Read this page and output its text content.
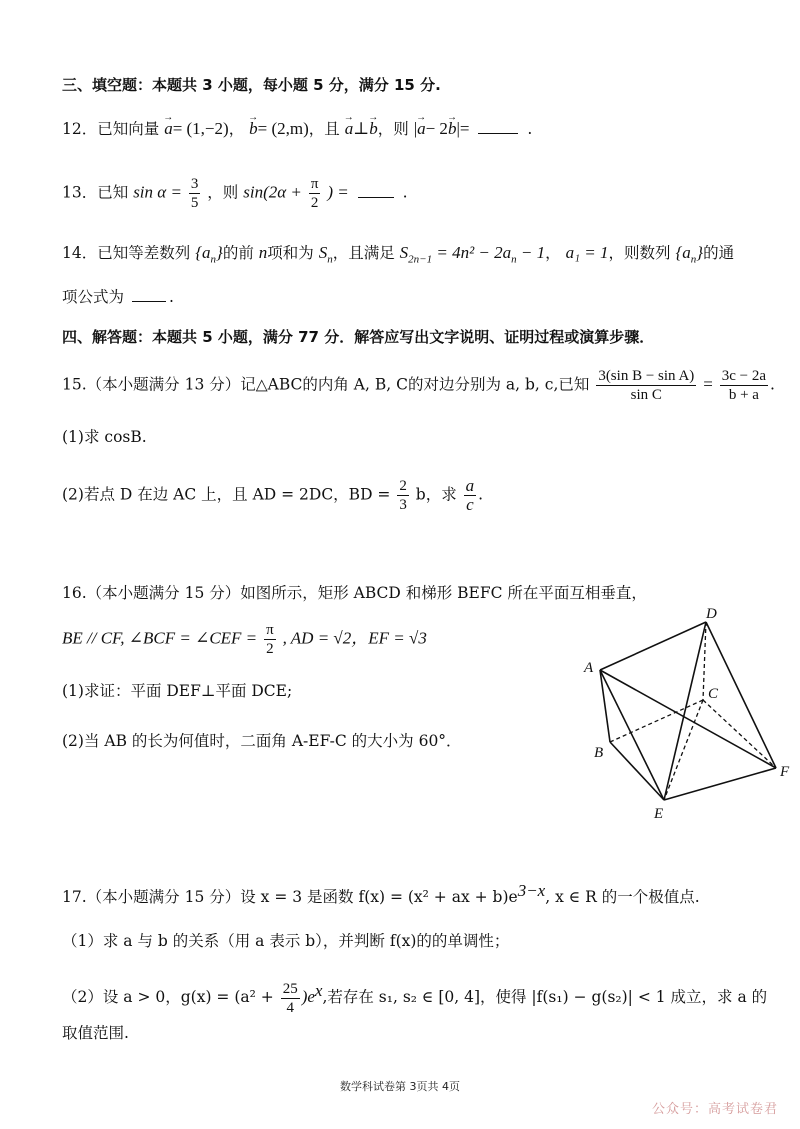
三、填空题：本题共 3 小题，每小题 5 分，满分 15 分.
12．已知向量 → a= (1,−2)， → b= (2,m)，且 → a⊥→ b，则 |→ a− 2→ b|=	.
13．已知 $\sin \alpha = \frac{3}{5}$ ，则 $\sin(2\alpha + \frac{\pi}{2}$ ) =	.
14．已知等差数列 $\{a_n\}$的前 n项和为 $S_n$，且满足 $S_{2n-1} = 4n^2 - 2a_n - 1$， a₁ = 1，则数列 $\{a_n\}$的通
项公式为	.
四、解答题：本题共 5 小题，满分 77 分．解答应写出文字说明、证明过程或演算步骤．
15.（本小题满分 13 分）记△ABC的内角 A, B, C的对边分别为 a, b, c,已知 $\frac{\text{3(sin B − sin A)}}{\text{sin C}} = \frac{3c - 2a}{b + a}$ .
(1)求 cosB.
(2)若点 D 在边 AC 上，且 AD = 2DC，BD = $\frac{2}{3}$ b，求 $\frac{a}{c}$ .
16.（本小题满分 15 分）如图所示，矩形 ABCD 和梯形 BEFC 所在平面互相垂直，
BE // CF, ∠BCF = ∠CEF = $\frac{\pi}{2}$ , AD = √2，EF = √3
(1)求证：平面 DEF⊥平面 DCE;
(2)当 AB 的长为何值时，二面角 A-EF-C 的大小为 60°．
A
D
C
B
F
E
17.（本小题满分 15 分）设 x = 3 是函数 f(x) = (x² + ax + $b)e^{3-x}$, x ∈ R 的一个极值点.
（1）求 a 与 b 的关系（用 a 表示 b），并判断 f(x)的的单调性；
（2）设 a > 0，$g(x) = (a^2 + \frac{25}{4} )e^x$,若存在 s₁, s₂ ∈ [0, 4]，使得 |f(s₁) − g(s₂)| < 1 成立，求 a 的
取值范围.
数学科试卷第 3页共 4页
公众号：高考试卷君
